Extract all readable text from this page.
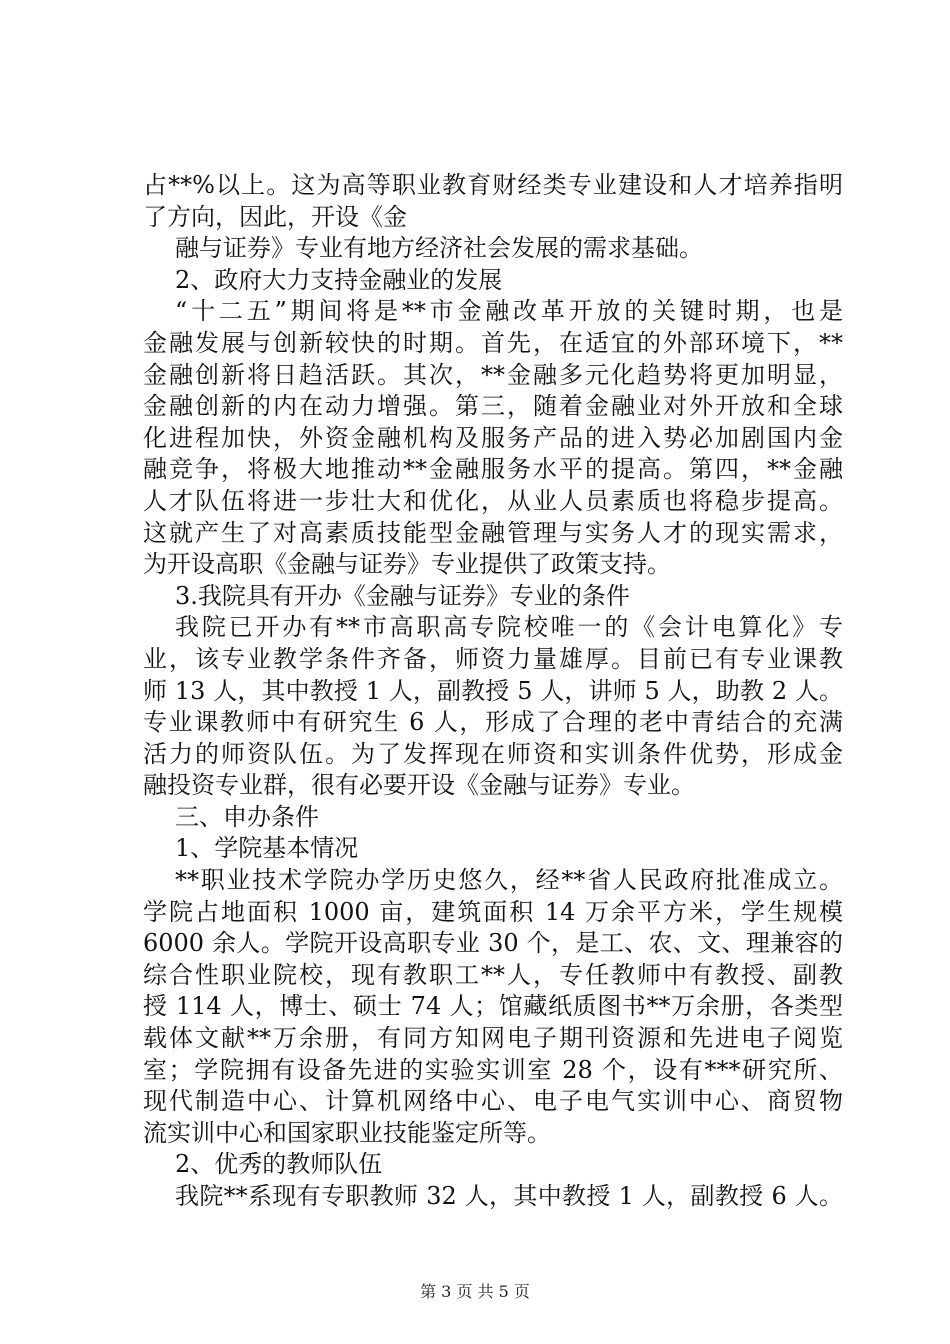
占**%以上。这为高等职业教育财经类专业建设和人才培养指明
了方向，因此，开设《金
融与证券》专业有地方经济社会发展的需求基础。
2、政府大力支持金融业的发展
“十二五”期间将是**市金融改革开放的关键时期，也是
金融发展与创新较快的时期。首先，在适宜的外部环境下，**
金融创新将日趋活跃。其次，**金融多元化趋势将更加明显，
金融创新的内在动力增强。第三，随着金融业对外开放和全球
化进程加快，外资金融机构及服务产品的进入势必加剧国内金
融竞争，将极大地推动**金融服务水平的提高。第四，**金融
人才队伍将进一步壮大和优化，从业人员素质也将稳步提高。
这就产生了对高素质技能型金融管理与实务人才的现实需求，
为开设高职《金融与证券》专业提供了政策支持。
3.我院具有开办《金融与证券》专业的条件
我院已开办有**市高职高专院校唯一的《会计电算化》专
业，该专业教学条件齐备，师资力量雄厚。目前已有专业课教
师 13 人，其中教授 1 人，副教授 5 人，讲师 5 人，助教 2 人。
专业课教师中有研究生 6 人，形成了合理的老中青结合的充满
活力的师资队伍。为了发挥现在师资和实训条件优势，形成金
融投资专业群，很有必要开设《金融与证券》专业。
三、申办条件
1、学院基本情况
**职业技术学院办学历史悠久，经**省人民政府批准成立。
学院占地面积 1000 亩，建筑面积 14 万余平方米，学生规模
6000 余人。学院开设高职专业 30 个，是工、农、文、理兼容的
综合性职业院校，现有教职工**人，专任教师中有教授、副教
授 114 人，博士、硕士 74 人；馆藏纸质图书**万余册，各类型
载体文献**万余册，有同方知网电子期刊资源和先进电子阅览
室；学院拥有设备先进的实验实训室 28 个，设有***研究所、
现代制造中心、计算机网络中心、电子电气实训中心、商贸物
流实训中心和国家职业技能鉴定所等。
2、优秀的教师队伍
我院**系现有专职教师 32 人，其中教授 1 人，副教授 6 人。
第 3 页 共 5 页
